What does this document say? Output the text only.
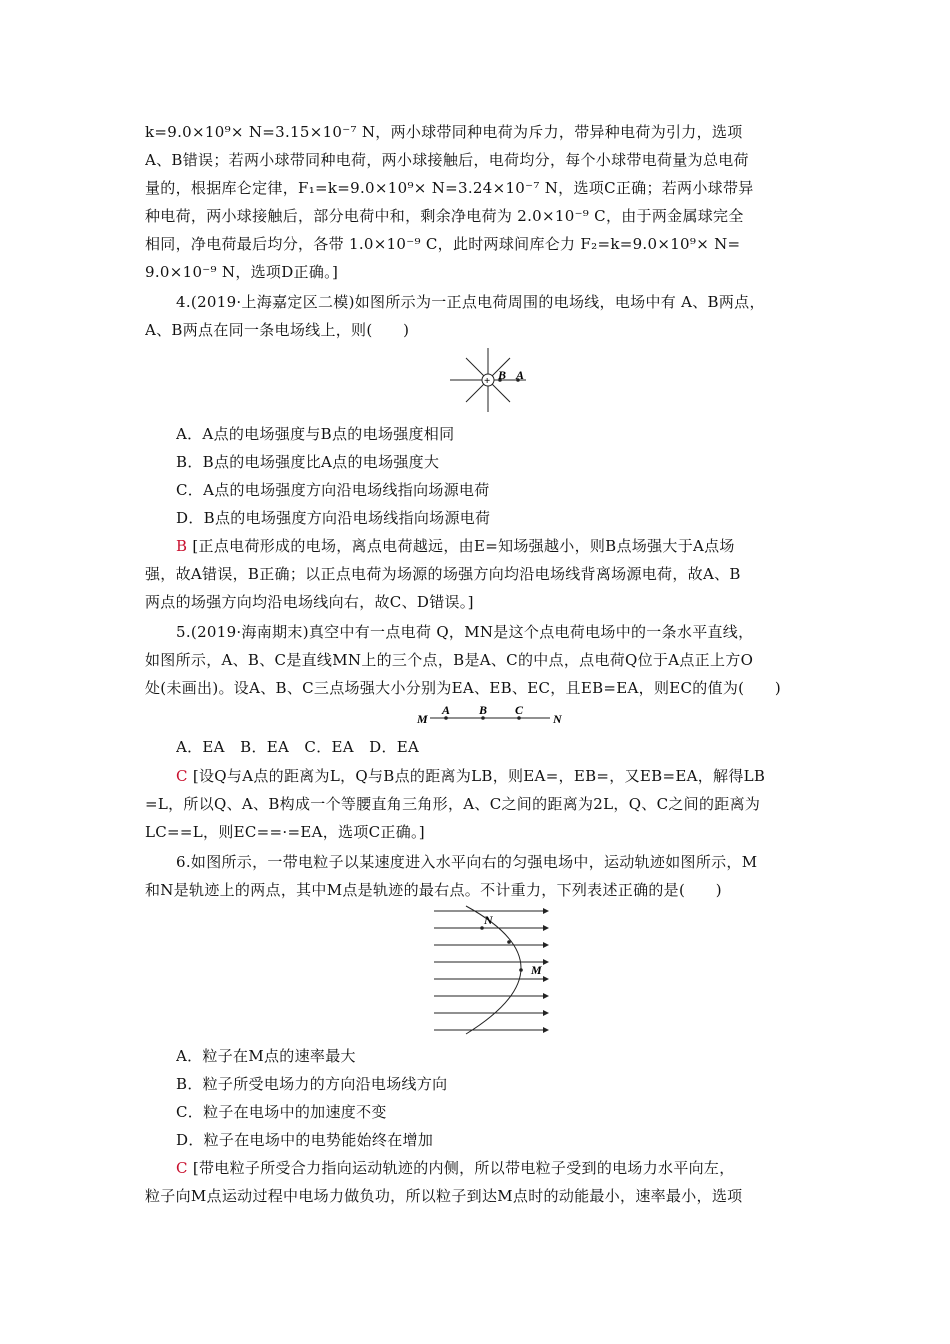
k=9.0×10⁹× N=3.15×10⁻⁷ N，两小球带同种电荷为斥力，带异种电荷为引力，选项
A、B错误；若两小球带同种电荷，两小球接触后，电荷均分，每个小球带电荷量为总电荷
量的，根据库仑定律，F₁=k=9.0×10⁹× N=3.24×10⁻⁷ N，选项C正确；若两小球带异
种电荷，两小球接触后，部分电荷中和，剩余净电荷为 2.0×10⁻⁹ C，由于两金属球完全
相同，净电荷最后均分，各带 1.0×10⁻⁹ C，此时两球间库仑力 F₂=k=9.0×10⁹× N=
9.0×10⁻⁹ N，选项D正确。]
4.(2019·上海嘉定区二模)如图所示为一正点电荷周围的电场线，电场中有 A、B两点，
A、B两点在同一条电场线上，则(　　)
+ B A
A．A点的电场强度与B点的电场强度相同
B．B点的电场强度比A点的电场强度大
C．A点的电场强度方向沿电场线指向场源电荷
D．B点的电场强度方向沿电场线指向场源电荷
B [正点电荷形成的电场，离点电荷越远，由E=知场强越小，则B点场强大于A点场
强，故A错误，B正确；以正点电荷为场源的场强方向均沿电场线背离场源电荷，故A、B
两点的场强方向均沿电场线向右，故C、D错误。]
5.(2019·海南期末)真空中有一点电荷 Q，MN是这个点电荷电场中的一条水平直线，
如图所示，A、B、C是直线MN上的三个点，B是A、C的中点，点电荷Q位于A点正上方O
处(未画出)。设A、B、C三点场强大小分别为EA、EB、EC，且EB=EA，则EC的值为(　　)
M
A B C
N
A．EA　B．EA　C．EA　D．EA
C [设Q与A点的距离为L，Q与B点的距离为LB，则EA=，EB=，又EB=EA，解得LB
=L，所以Q、A、B构成一个等腰直角三角形，A、C之间的距离为2L，Q、C之间的距离为
LC==L，则EC==·=EA，选项C正确。]
6.如图所示，一带电粒子以某速度进入水平向右的匀强电场中，运动轨迹如图所示，M
和N是轨迹上的两点，其中M点是轨迹的最右点。不计重力，下列表述正确的是(　　)
N
M
A．粒子在M点的速率最大
B．粒子所受电场力的方向沿电场线方向
C．粒子在电场中的加速度不变
D．粒子在电场中的电势能始终在增加
C [带电粒子所受合力指向运动轨迹的内侧，所以带电粒子受到的电场力水平向左，
粒子向M点运动过程中电场力做负功，所以粒子到达M点时的动能最小，速率最小，选项
